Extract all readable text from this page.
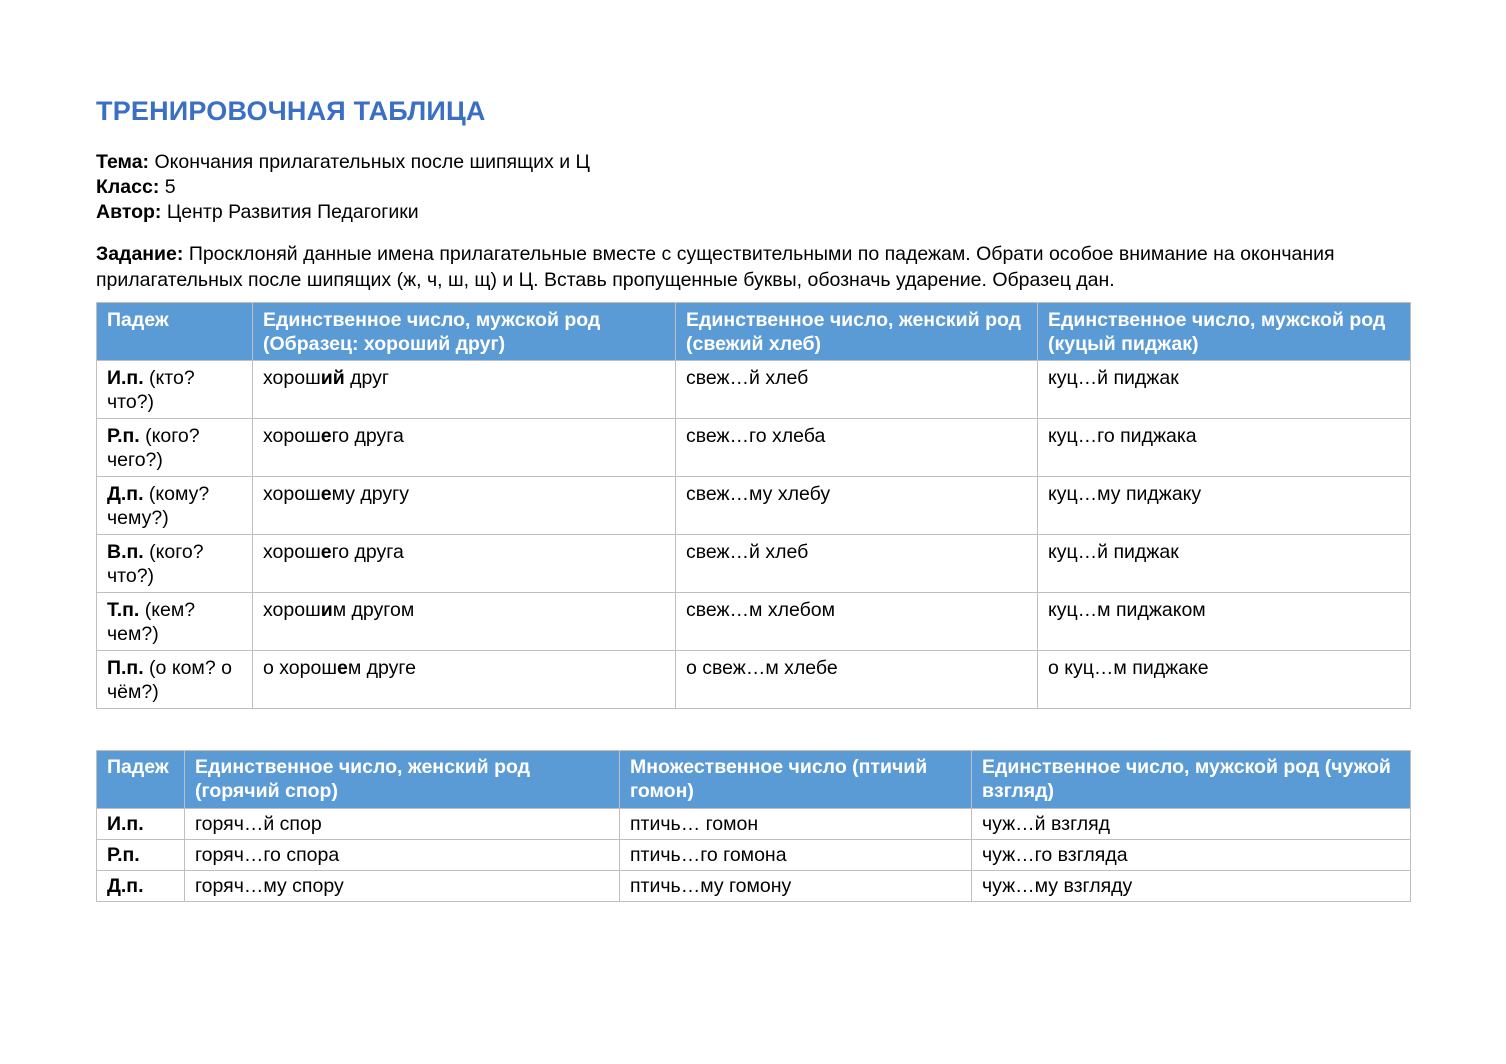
ТРЕНИРОВОЧНАЯ ТАБЛИЦА
Тема: Окончания прилагательных после шипящих и Ц
Класс: 5
Автор: Центр Развития Педагогики
Задание: Просклоняй данные имена прилагательные вместе с существительными по падежам. Обрати особое внимание на окончания прилагательных после шипящих (ж, ч, ш, щ) и Ц. Вставь пропущенные буквы, обозначь ударение. Образец дан.
Падеж	Единственное число, мужской род (Образец: хороший друг)	Единственное число, женский род (свежий хлеб)	Единственное число, мужской род (куцый пиджак)
И.п. (кто? что?)	хороший друг	свеж…й хлеб	куц…й пиджак
Р.п. (кого? чего?)	хорошего друга	свеж…го хлеба	куц…го пиджака
Д.п. (кому? чему?)	хорошему другу	свеж…му хлебу	куц…му пиджаку
В.п. (кого? что?)	хорошего друга	свеж…й хлеб	куц…й пиджак
Т.п. (кем? чем?)	хорошим другом	свеж…м хлебом	куц…м пиджаком
П.п. (о ком? о чём?)	о хорошем друге	о свеж…м хлебе	о куц…м пиджаке
Падеж	Единственное число, женский род (горячий спор)	Множественное число (птичий гомон)	Единственное число, мужской род (чужой взгляд)
И.п.	горяч…й спор	птичь… гомон	чуж…й взгляд
Р.п.	горяч…го спора	птичь…го гомона	чуж…го взгляда
Д.п.	горяч…му спору	птичь…му гомону	чуж…му взгляду
